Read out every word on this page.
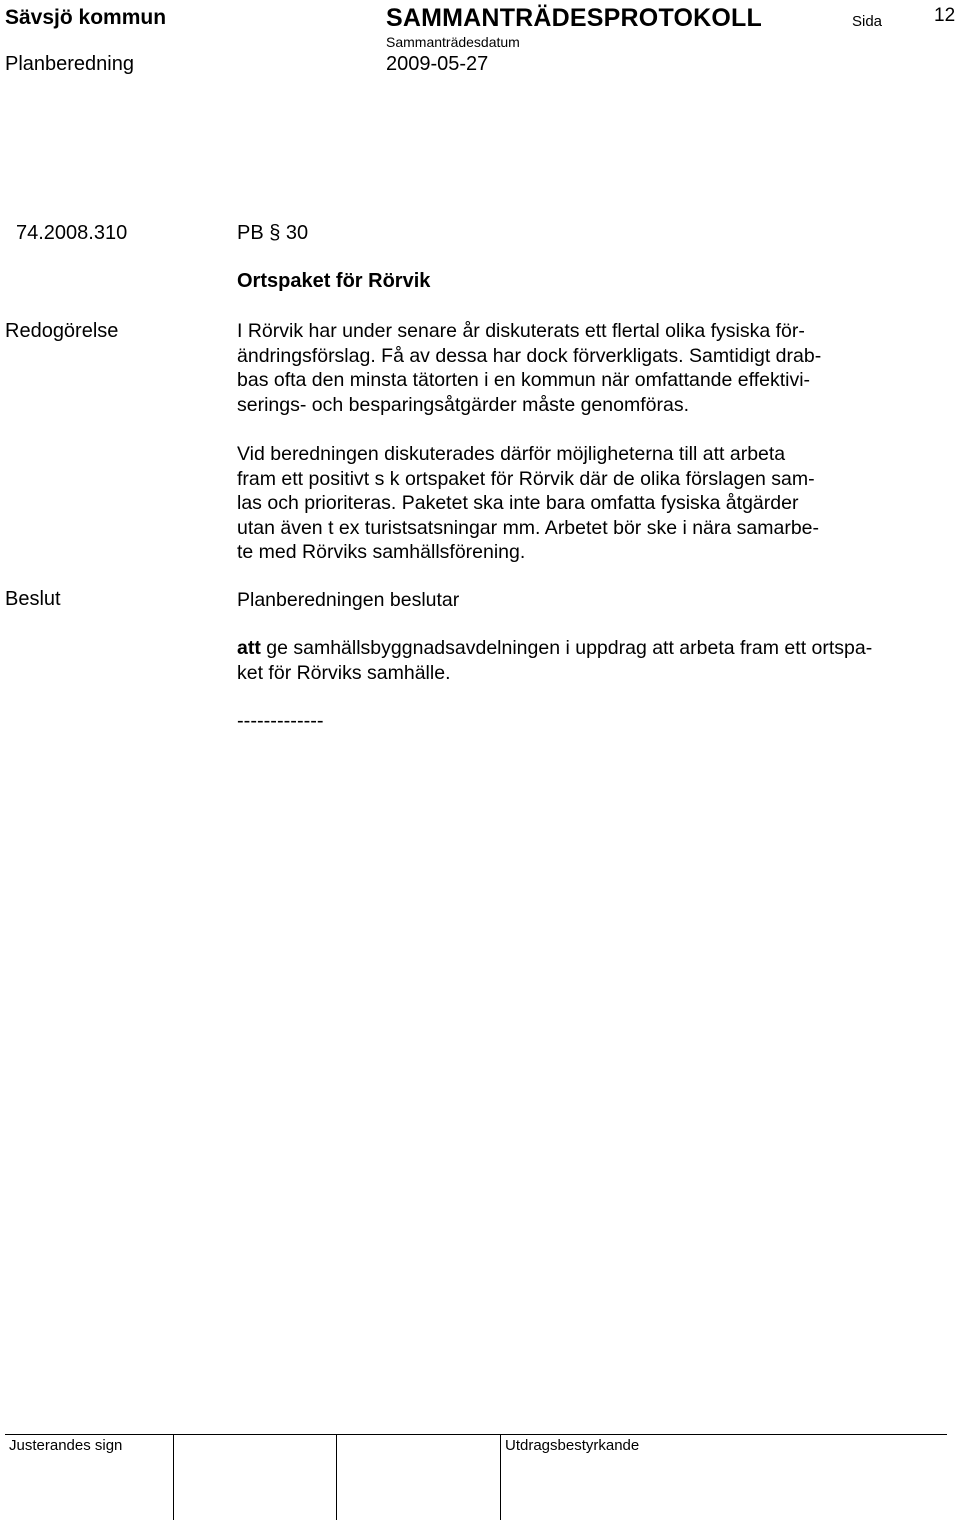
Sävsjö kommun	SAMMANTRÄDESPROTOKOLL	Sida	12
Planberedning
Sammanträdesdatum
2009-05-27
74.2008.310	PB § 30
Ortspaket för Rörvik
Redogörelse	I Rörvik har under senare år diskuterats ett flertal olika fysiska för-
ändringsförslag. Få av dessa har dock förverkligats. Samtidigt drab-
bas ofta den minsta tätorten i en kommun när omfattande effektivi-
serings- och besparingsåtgärder måste genomföras.
Vid beredningen diskuterades därför möjligheterna till att arbeta
fram ett positivt s k ortspaket för Rörvik där de olika förslagen sam-
las och prioriteras. Paketet ska inte bara omfatta fysiska åtgärder
utan även t ex turistsatsningar mm. Arbetet bör ske i nära samarbe-
te med Rörviks samhällsförening.
Beslut	Planberedningen beslutar
att ge samhällsbyggnadsavdelningen i uppdrag att arbeta fram ett ortspa-
ket för Rörviks samhälle.
-------------
Justerandes sign	Utdragsbestyrkande
